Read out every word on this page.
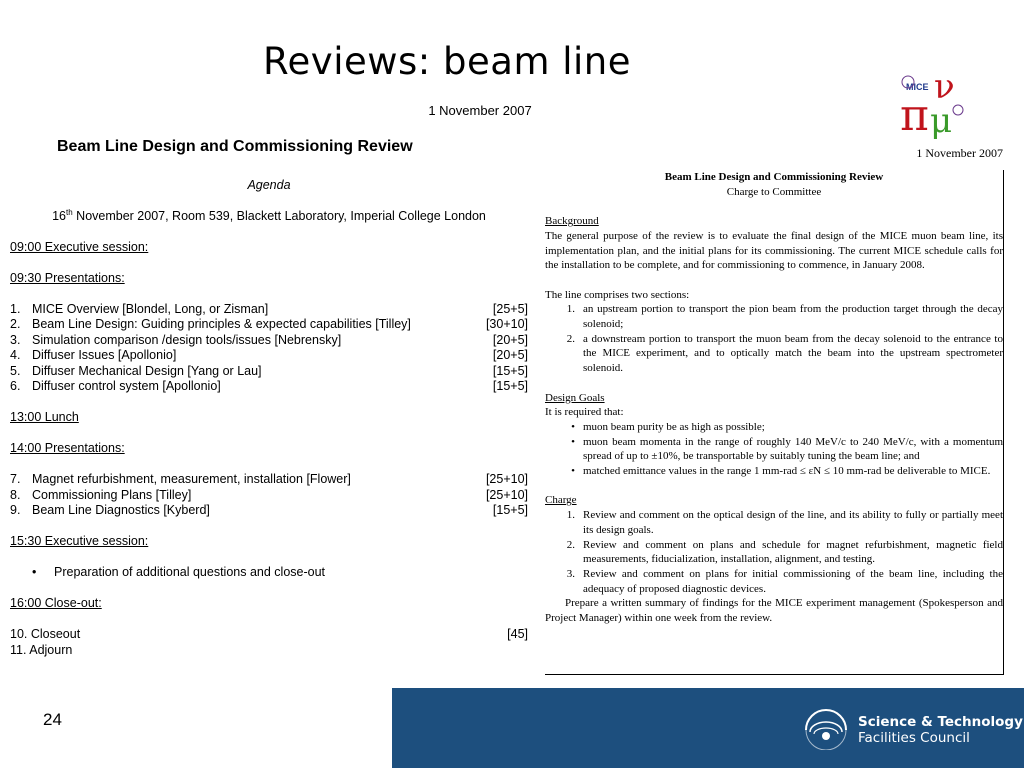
Reviews: beam line
1 November 2007	π
ν
μ
MICE
1 November 2007
Beam Line Design and Commissioning Review
Agenda
16th November 2007, Room 539, Blackett Laboratory, Imperial College London
09:00 Executive session:
09:30 Presentations:
1. MICE Overview [Blondel, Long, or Zisman]	[25+5]
2. Beam Line Design: Guiding principles & expected capabilities [Tilley]	[30+10]
3. Simulation comparison /design tools/issues [Nebrensky]	[20+5]
4. Diffuser Issues [Apollonio]	[20+5]
5. Diffuser Mechanical Design [Yang or Lau]	[15+5]
6. Diffuser control system [Apollonio]	[15+5]
13:00 Lunch
14:00 Presentations:
7. Magnet refurbishment, measurement, installation [Flower]	[25+10]
8. Commissioning Plans [Tilley]	[25+10]
9. Beam Line Diagnostics [Kyberd]	[15+5]
15:30 Executive session:
•	Preparation of additional questions and close-out
16:00 Close-out:
10. Closeout	[45]
11. Adjourn
Beam Line Design and Commissioning Review
Charge to Committee
Background

The general purpose of the review is to evaluate the final design of the MICE muon beam line, its implementation plan, and the initial plans for its commissioning. The current MICE schedule calls for the installation to be complete, and for commissioning to commence, in January 2008.

The line comprises two sections:
1. an upstream portion to transport the pion beam from the production target through the decay solenoid;
2. a downstream portion to transport the muon beam from the decay solenoid to the entrance to the MICE experiment, and to optically match the beam into the upstream spectrometer solenoid.
Design Goals
It is required that:
• muon beam purity be as high as possible;
• muon beam momenta in the range of roughly 140 MeV/c to 240 MeV/c, with a momentum spread of up to ±10%, be transportable by suitably tuning the beam line; and
• matched emittance values in the range 1 mm-rad ≤ εN ≤ 10 mm-rad be deliverable to MICE.
Charge
1. Review and comment on the optical design of the line, and its ability to fully or partially meet its design goals.
2. Review and comment on plans and schedule for magnet refurbishment, magnetic field measurements, fiducialization, installation, alignment, and testing.
3. Review and comment on plans for initial commissioning of the beam line, including the adequacy of proposed diagnostic devices.

Prepare a written summary of findings for the MICE experiment management (Spokesperson and Project Manager) within one week from the review.

24	Science & Technology
Facilities Council
